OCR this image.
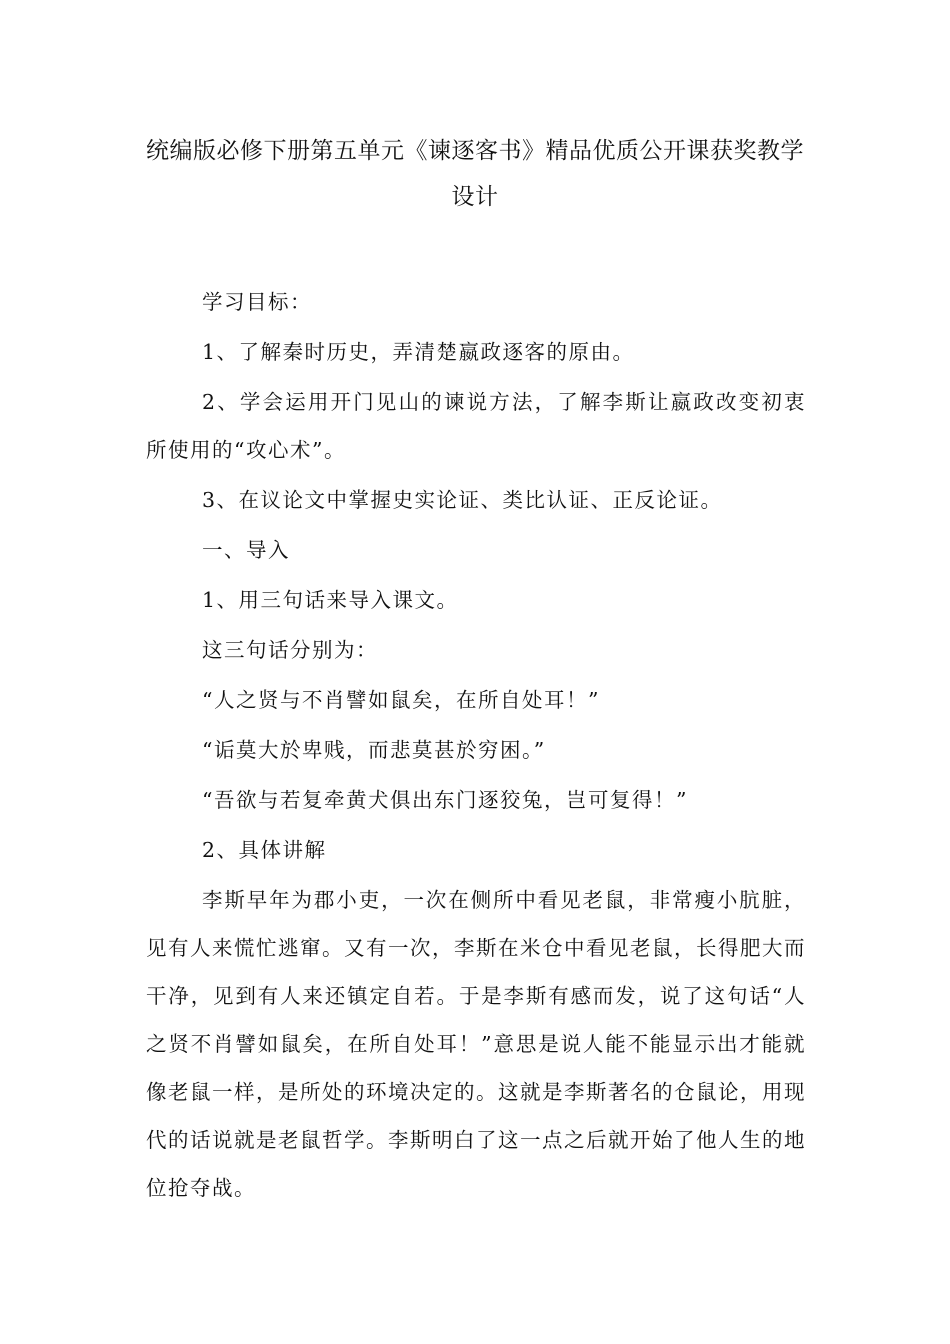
统编版必修下册第五单元《谏逐客书》精品优质公开课获奖教学设计

学习目标：

1、了解秦时历史，弄清楚嬴政逐客的原由。

2、学会运用开门见山的谏说方法，了解李斯让嬴政改变初衷所使用的“攻心术”。

3、在议论文中掌握史实论证、类比认证、正反论证。

一、导入

1、用三句话来导入课文。

这三句话分别为：

“人之贤与不肖譬如鼠矣，在所自处耳！”

“诟莫大於卑贱，而悲莫甚於穷困。”

“吾欲与若复牵黄犬俱出东门逐狡兔，岂可复得！”

2、具体讲解

李斯早年为郡小吏，一次在侧所中看见老鼠，非常瘦小肮脏，见有人来慌忙逃窜。又有一次，李斯在米仓中看见老鼠，长得肥大而干净，见到有人来还镇定自若。于是李斯有感而发，说了这句话“人之贤不肖譬如鼠矣，在所自处耳！”意思是说人能不能显示出才能就像老鼠一样，是所处的环境决定的。这就是李斯著名的仓鼠论，用现代的话说就是老鼠哲学。李斯明白了这一点之后就开始了他人生的地位抢夺战。
